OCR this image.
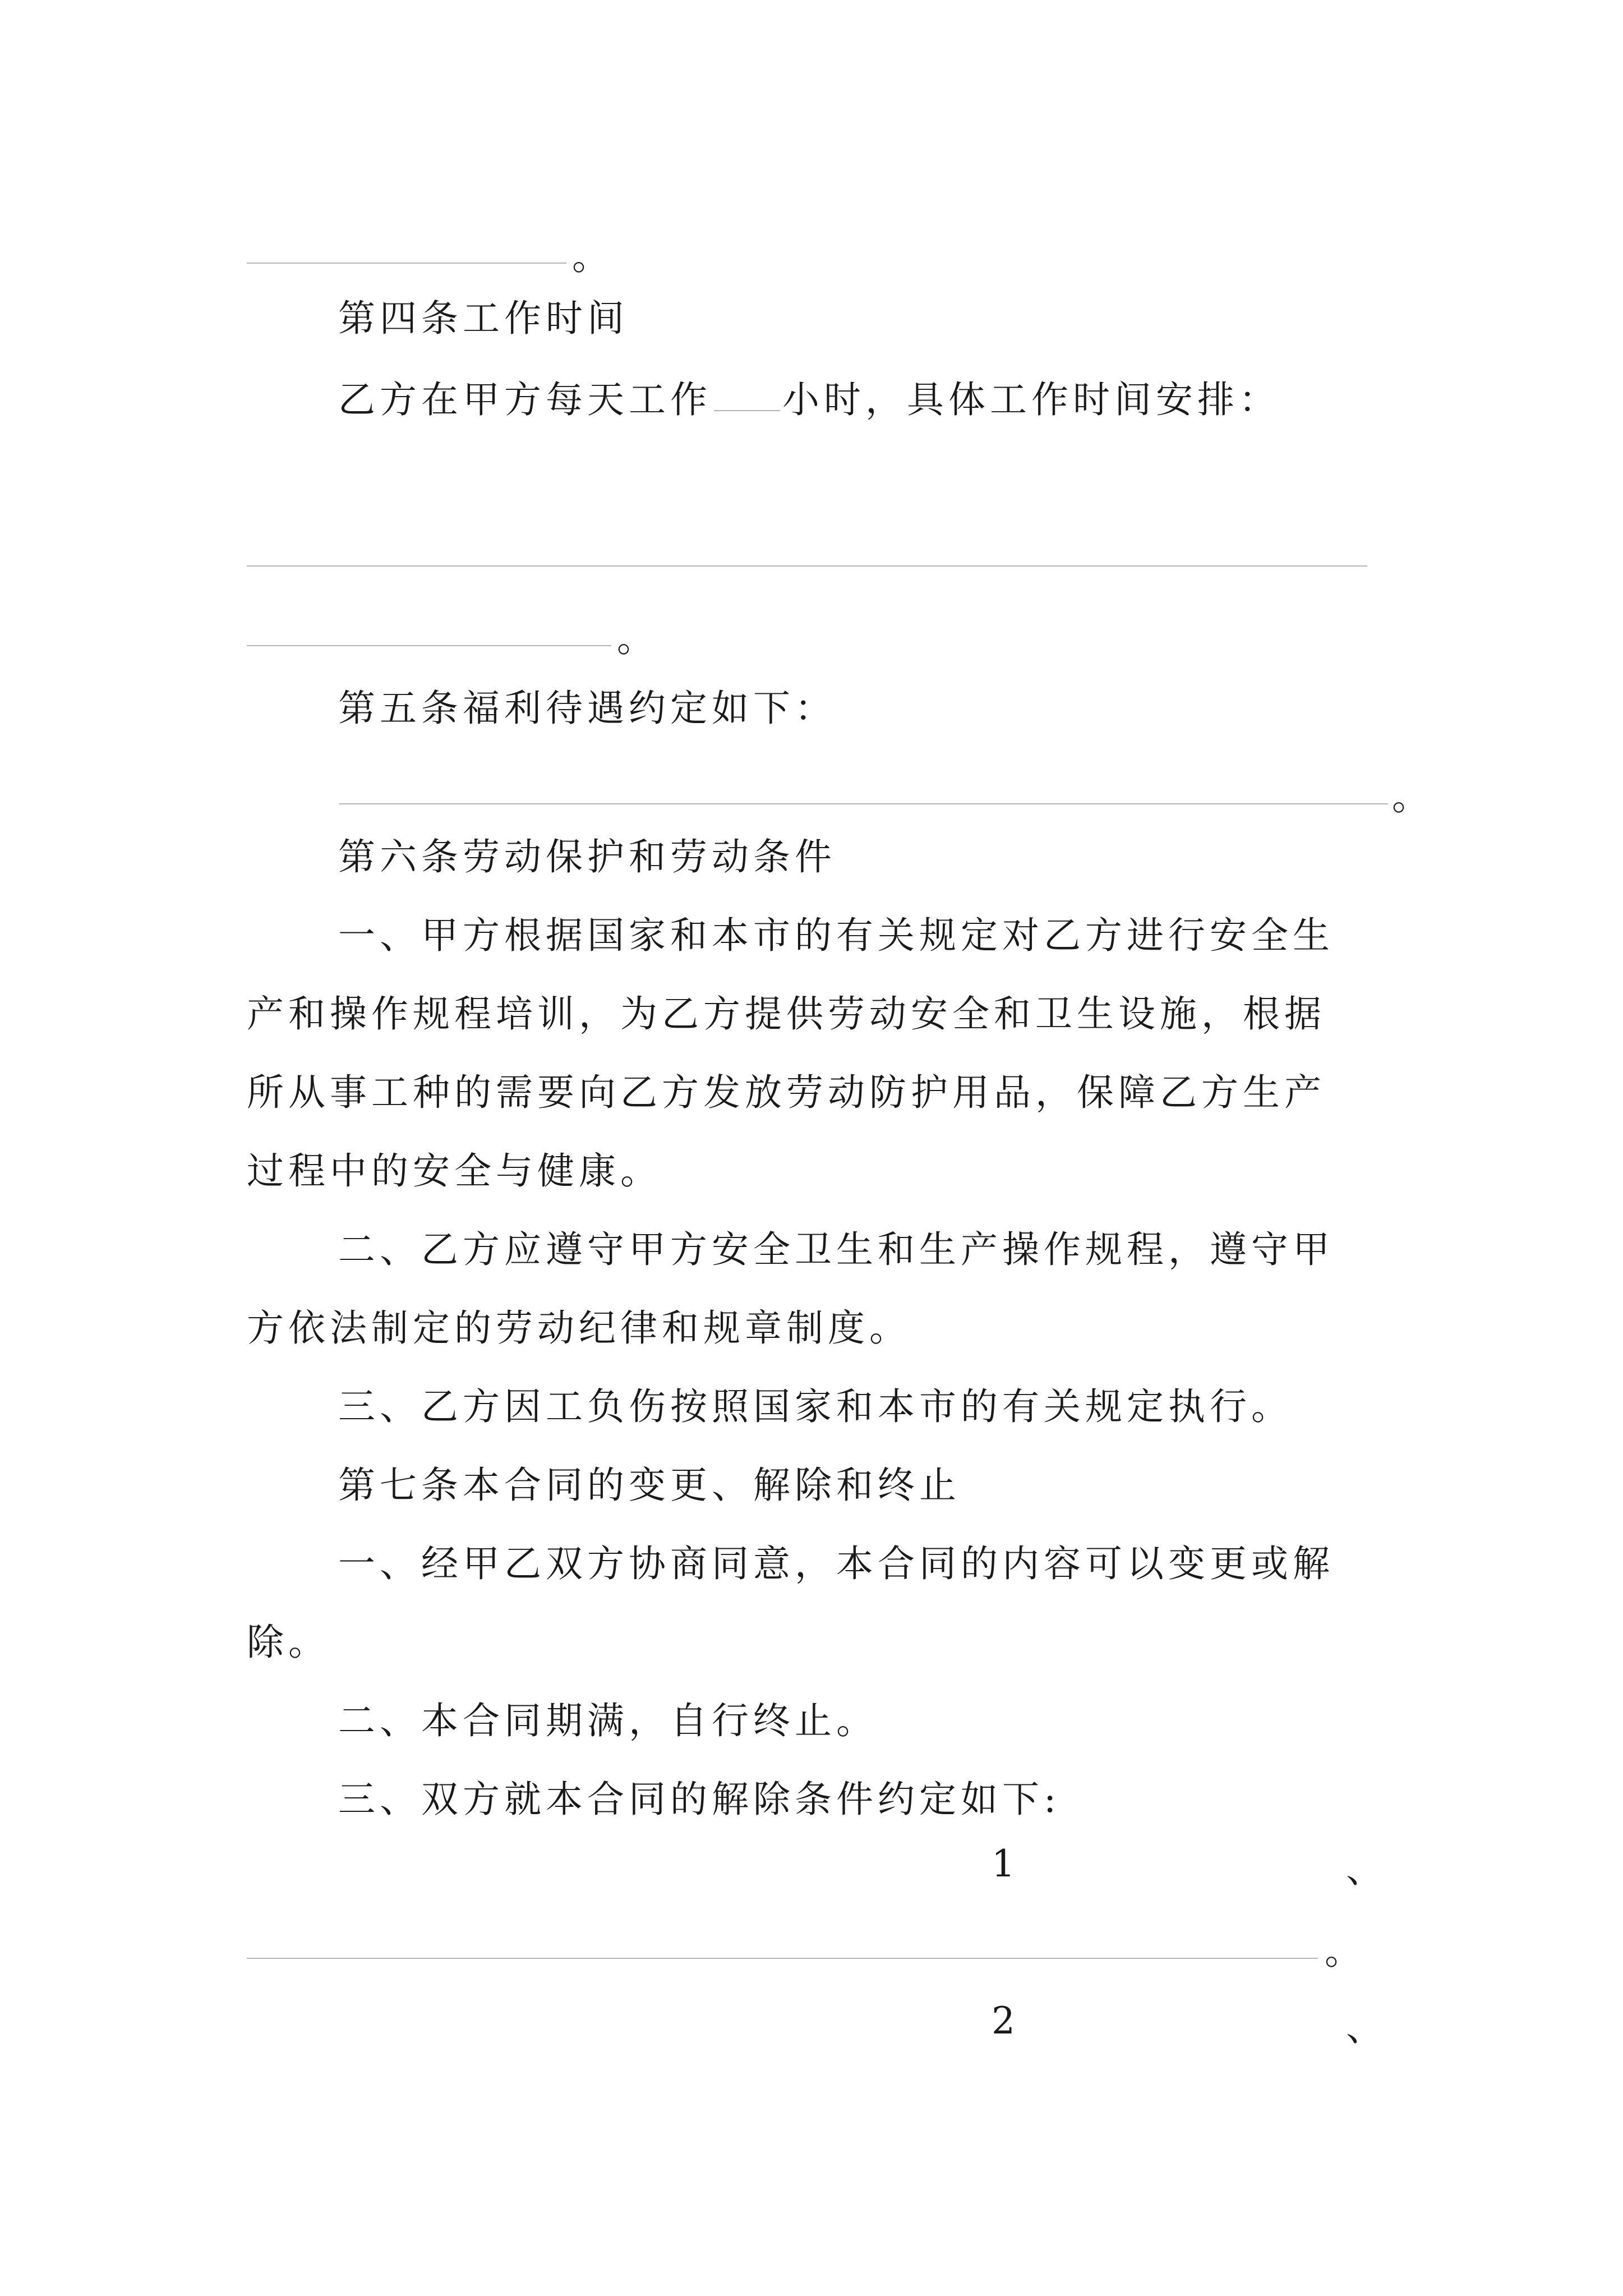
。
第四条工作时间
乙方在甲方每天工作 小时，具体工作时间安排：
。
第五条福利待遇约定如下：
。
第六条劳动保护和劳动条件
一、甲方根据国家和本市的有关规定对乙方进行安全生
产和操作规程培训，为乙方提供劳动安全和卫生设施，根据
所从事工种的需要向乙方发放劳动防护用品，保障乙方生产
过程中的安全与健康。
二、乙方应遵守甲方安全卫生和生产操作规程，遵守甲
方依法制定的劳动纪律和规章制度。
三、乙方因工负伤按照国家和本市的有关规定执行。
第七条本合同的变更、解除和终止
一、经甲乙双方协商同意，本合同的内容可以变更或解
除。
二、本合同期满，自行终止。
三、双方就本合同的解除条件约定如下:
1	、
。
2	、
